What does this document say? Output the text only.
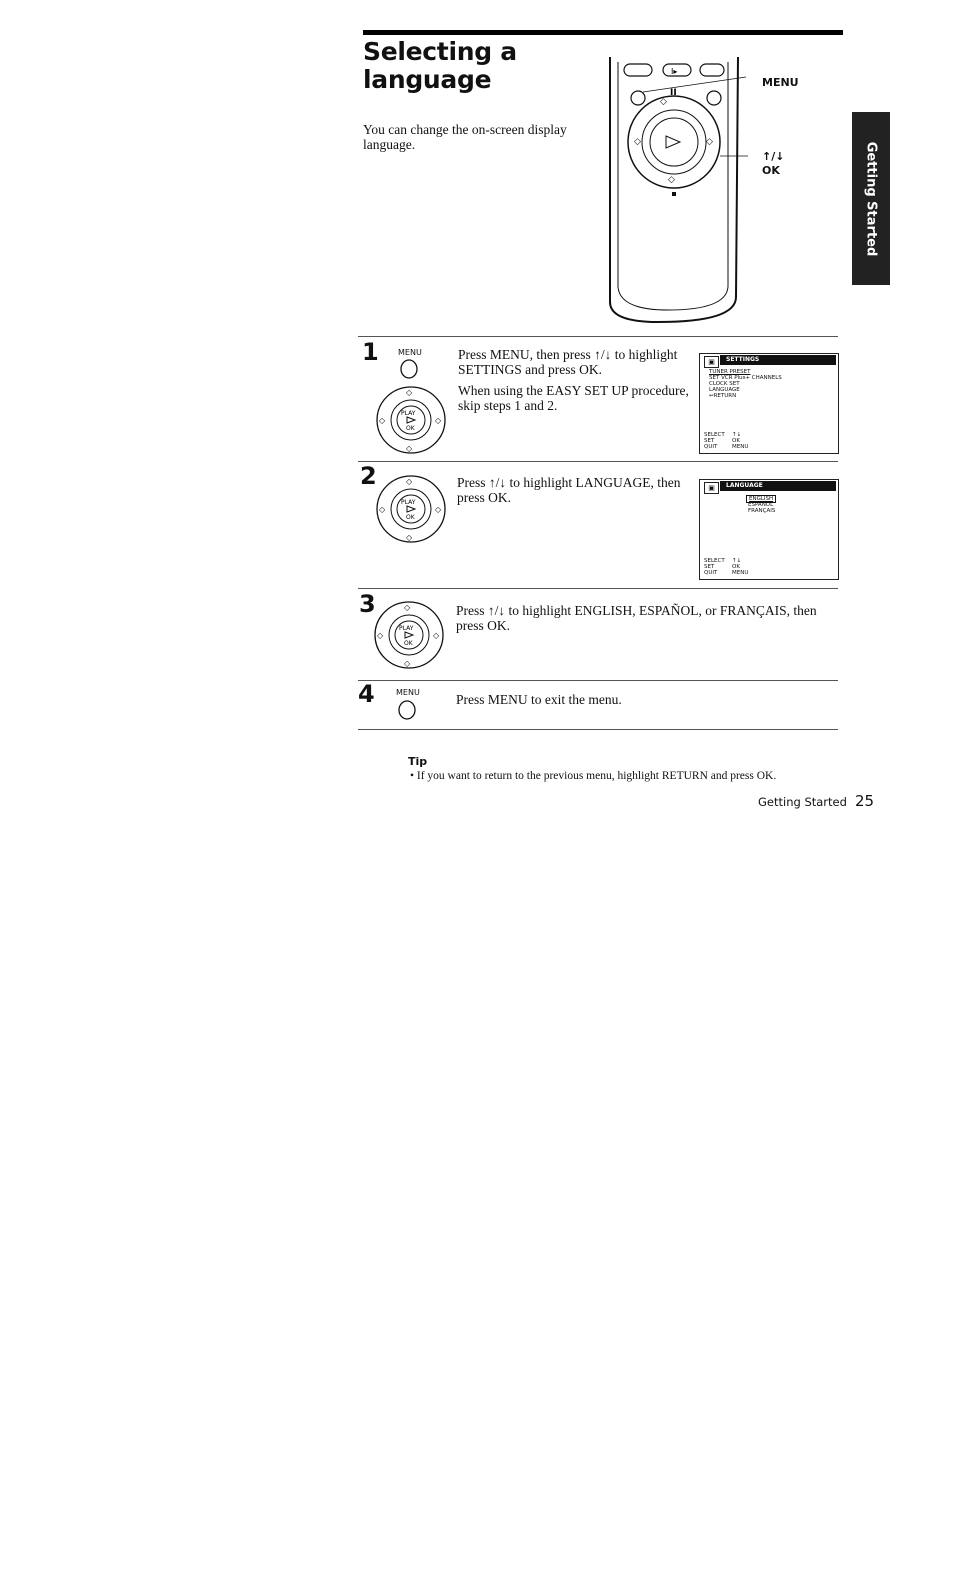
Selecting a
language
You can change the on-screen display language.
I▸
II
◇
◇
◇	◇
MENU
↑/↓
OK	Getting Started
1 MENU
PLAY
OK
◇
◇
◇	◇
Press MENU, then press ↑/↓ to highlight SETTINGS and press OK.
When using the EASY SET UP procedure, skip steps 1 and 2.
▣	SETTINGS
TUNER PRESET
SET VCR Plus+ CHANNELS
CLOCK SET
LANGUAGE
↩RETURN
SELECT
SET
QUIT
↑↓
OK
MENU
2
PLAY
OK
◇
◇
◇	◇
Press ↑/↓ to highlight LANGUAGE, then press OK.
▣	LANGUAGE
ENGLISH
ESPAÑOL
FRANÇAIS
SELECT
SET
QUIT
↑↓
OK
MENU
3
PLAY
OK
◇
◇
◇	◇
Press ↑/↓ to highlight ENGLISH, ESPAÑOL, or FRANÇAIS, then press OK.
4	MENU	Press MENU to exit the menu.
Tip
• If you want to return to the previous menu, highlight RETURN and press OK.
Getting Started 25
